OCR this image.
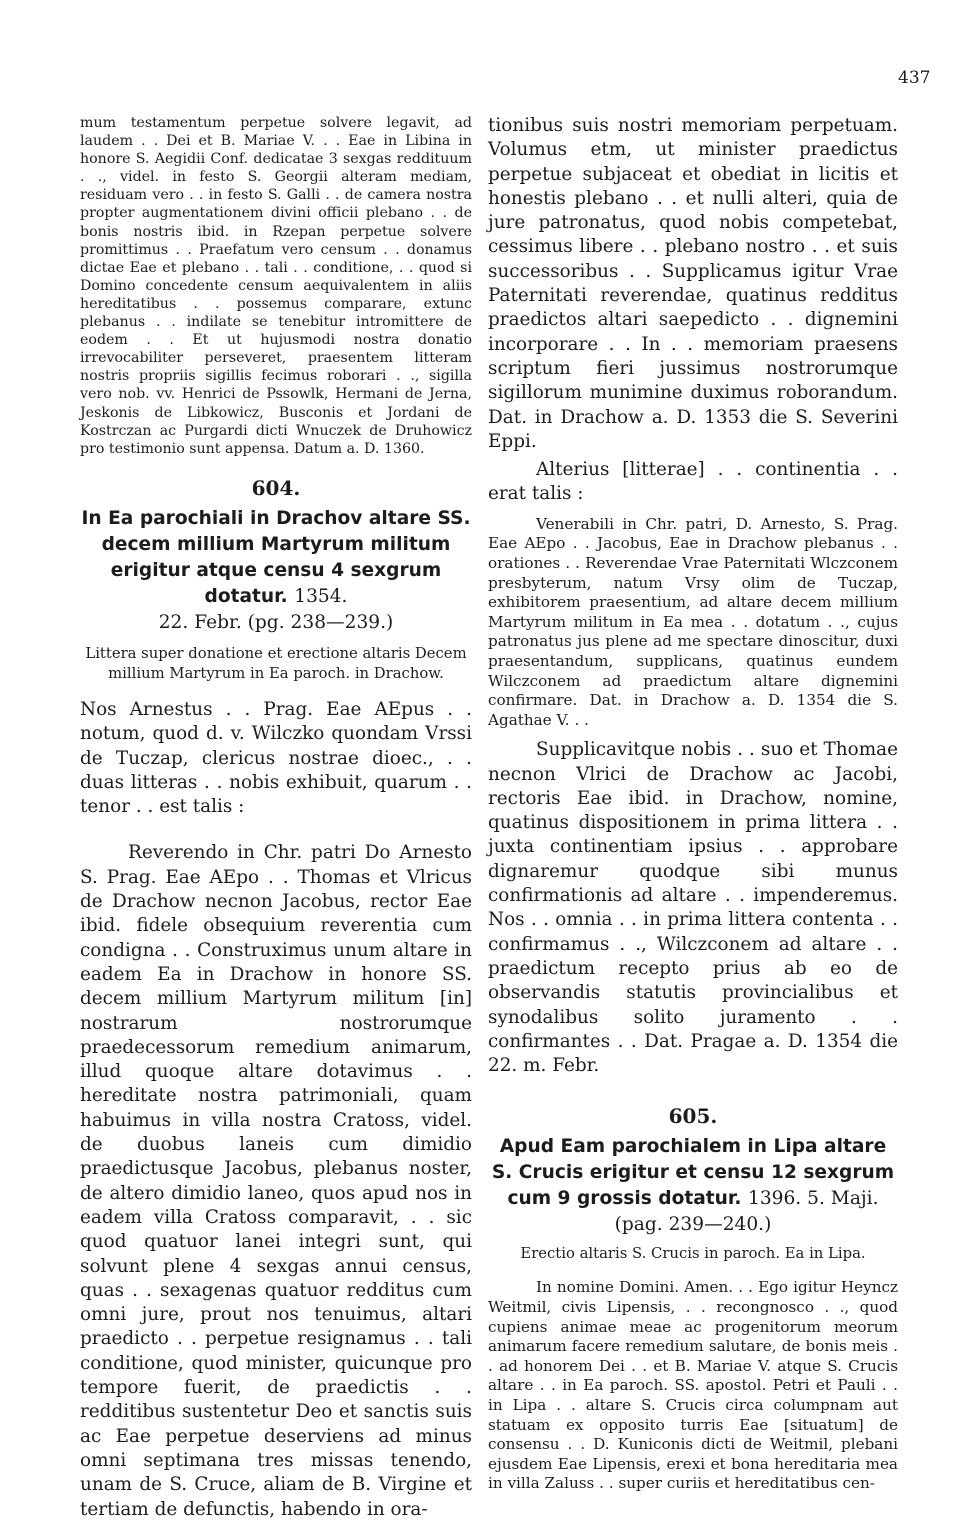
437

mum testamentum perpetue solvere legavit, ad laudem . . Dei et B. Mariae V. . . Eae in Libina in honore S. Aegidii Conf. dedicatae 3 sexgas reddituum . ., videl. in festo S. Georgii alteram mediam, residuam vero . . in festo S. Galli . . de camera nostra propter augmentationem divini officii plebano . . de bonis nostris ibid. in Rzepan perpetue solvere promittimus . . Praefatum vero censum . . donamus dictae Eae et plebano . . tali . . conditione, . . quod si Domino concedente censum aequivalentem in aliis hereditatibus . . possemus comparare, extunc plebanus . . indilate se tenebitur intromittere de eodem . . Et ut hujusmodi nostra donatio irrevocabiliter perseveret, praesentem litteram nostris propriis sigillis fecimus roborari . ., sigilla vero nob. vv. Henrici de Pssowlk, Hermani de Jerna, Jeskonis de Libkowicz, Busconis et Jordani de Kostrczan ac Purgardi dicti Wnuczek de Druhowicz pro testimonio sunt appensa. Datum a. D. 1360.

604.

In Ea parochiali in Drachov altare SS. decem millium Martyrum militum erigitur atque censu 4 sexgrum dotatur. 1354.

22. Febr. (pg. 238—239.)

Littera super donatione et erectione altaris Decem millium Martyrum in Ea paroch. in Drachow.

Nos Arnestus . . Prag. Eae AEpus . . notum, quod d. v. Wilczko quondam Vrssi de Tuczap, clericus nostrae dioec., . . duas litteras . . nobis exhibuit, quarum . . tenor . . est talis :

Reverendo in Chr. patri Do Arnesto S. Prag. Eae AEpo . . Thomas et Vlricus de Drachow necnon Jacobus, rector Eae ibid. fidele obsequium reverentia cum condigna . . Construximus unum altare in eadem Ea in Drachow in honore SS. decem millium Martyrum militum [in] nostrarum nostrorumque praedecessorum remedium animarum, illud quoque altare dotavimus . . hereditate nostra patrimoniali, quam habuimus in villa nostra Cratoss, videl. de duobus laneis cum dimidio praedictusque Jacobus, plebanus noster, de altero dimidio laneo, quos apud nos in eadem villa Cratoss comparavit, . . sic quod quatuor lanei integri sunt, qui solvunt plene 4 sexgas annui census, quas . . sexagenas quatuor redditus cum omni jure, prout nos tenuimus, altari praedicto . . perpetue resignamus . . tali conditione, quod minister, quicunque pro tempore fuerit, de praedictis . . redditibus sustentetur Deo et sanctis suis ac Eae perpetue deserviens ad minus omni septimana tres missas tenendo, unam de S. Cruce, aliam de B. Virgine et tertiam de defunctis, habendo in ora-

tionibus suis nostri memoriam perpetuam. Volumus etm, ut minister praedictus perpetue subjaceat et obediat in licitis et honestis plebano . . et nulli alteri, quia de jure patronatus, quod nobis competebat, cessimus libere . . plebano nostro . . et suis successoribus . . Supplicamus igitur Vrae Paternitati reverendae, quatinus redditus praedictos altari saepedicto . . dignemini incorporare . . In . . memoriam praesens scriptum fieri jussimus nostrorumque sigillorum munimine duximus roborandum. Dat. in Drachow a. D. 1353 die S. Severini Eppi.

Alterius [litterae] . . continentia . . erat talis :

Venerabili in Chr. patri, D. Arnesto, S. Prag. Eae AEpo . . Jacobus, Eae in Drachow plebanus . . orationes . . Reverendae Vrae Paternitati Wlczconem presbyterum, natum Vrsy olim de Tuczap, exhibitorem praesentium, ad altare decem millium Martyrum militum in Ea mea . . dotatum . ., cujus patronatus jus plene ad me spectare dinoscitur, duxi praesentandum, supplicans, quatinus eundem Wilczconem ad praedictum altare dignemini confirmare. Dat. in Drachow a. D. 1354 die S. Agathae V. . .

Supplicavitque nobis . . suo et Thomae necnon Vlrici de Drachow ac Jacobi, rectoris Eae ibid. in Drachow, nomine, quatinus dispositionem in prima littera . . juxta continentiam ipsius . . approbare dignaremur quodque sibi munus confirmationis ad altare . . impenderemus. Nos . . omnia . . in prima littera contenta . . confirmamus . ., Wilczconem ad altare . . praedictum recepto prius ab eo de observandis statutis provincialibus et synodalibus solito juramento . . confirmantes . . Dat. Pragae a. D. 1354 die 22. m. Febr.

605.

Apud Eam parochialem in Lipa altare S. Crucis erigitur et censu 12 sexgrum cum 9 grossis dotatur. 1396. 5. Maji. (pag. 239—240.)

Erectio altaris S. Crucis in paroch. Ea in Lipa.

In nomine Domini. Amen. . . Ego igitur Heyncz Weitmil, civis Lipensis, . . recongnosco . ., quod cupiens animae meae ac progenitorum meorum animarum facere remedium salutare, de bonis meis . . ad honorem Dei . . et B. Mariae V. atque S. Crucis altare . . in Ea paroch. SS. apostol. Petri et Pauli . . in Lipa . . altare S. Crucis circa columpnam aut statuam ex opposito turris Eae [situatum] de consensu . . D. Kuniconis dicti de Weitmil, plebani ejusdem Eae Lipensis, erexi et bona hereditaria mea in villa Zaluss . . super curiis et hereditatibus cen-
